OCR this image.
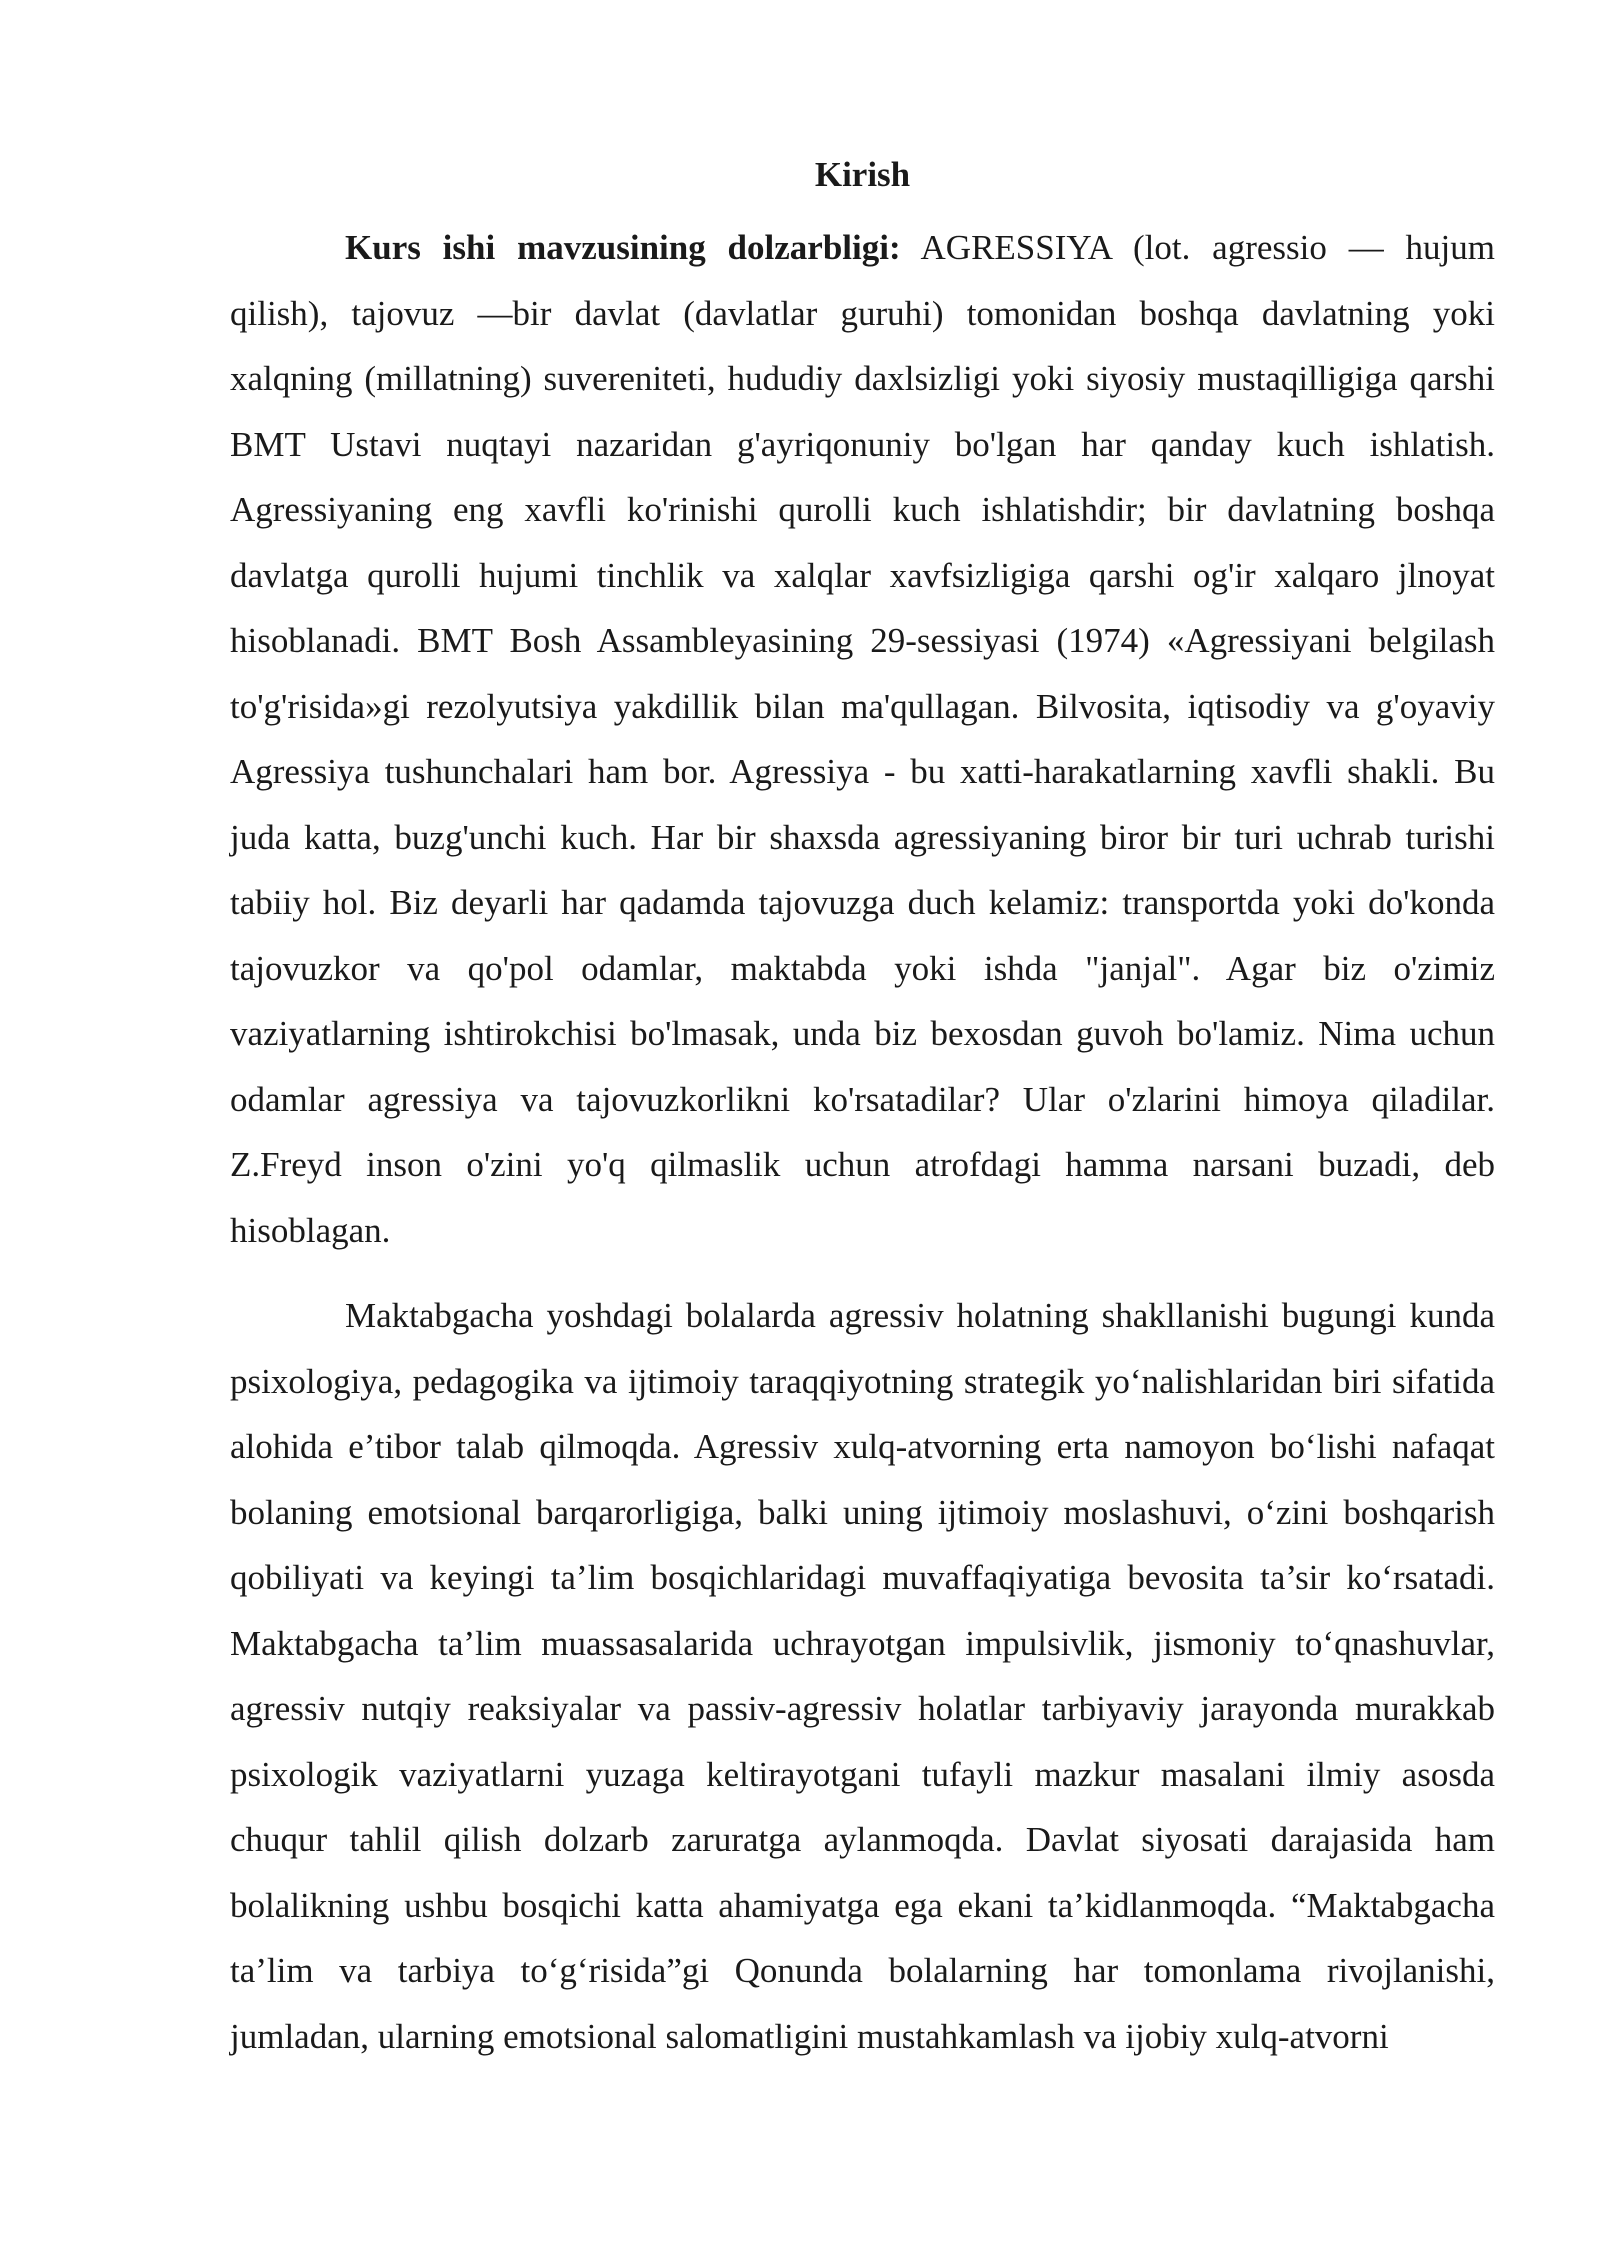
Kirish

Kurs ishi mavzusining dolzarbligi: AGRESSIYA (lot. agressio — hujum qilish), tajovuz —bir davlat (davlatlar guruhi) tomonidan boshqa davlatning yoki xalqning (millatning) suvereniteti, hududiy daxlsizligi yoki siyosiy mustaqilligiga qarshi BMT Ustavi nuqtayi nazaridan g'ayriqonuniy bo'lgan har qanday kuch ishlatish. Agressiyaning eng xavfli ko'rinishi qurolli kuch ishlatishdir; bir davlatning boshqa davlatga qurolli hujumi tinchlik va xalqlar xavfsizligiga qarshi og'ir xalqaro jlnoyat hisoblanadi. BMT Bosh Assambleyasining 29-sessiyasi (1974) «Agressiyani belgilash to'g'risida»gi rezolyutsiya yakdillik bilan ma'qullagan. Bilvosita, iqtisodiy va g'oyaviy Agressiya tushunchalari ham bor. Agressiya - bu xatti-harakatlarning xavfli shakli. Bu juda katta, buzg'unchi kuch. Har bir shaxsda agressiyaning biror bir turi uchrab turishi tabiiy hol. Biz deyarli har qadamda tajovuzga duch kelamiz: transportda yoki do'konda tajovuzkor va qo'pol odamlar, maktabda yoki ishda "janjal". Agar biz o'zimiz vaziyatlarning ishtirokchisi bo'lmasak, unda biz bexosdan guvoh bo'lamiz. Nima uchun odamlar agressiya va tajovuzkorlikni ko'rsatadilar? Ular o'zlarini himoya qiladilar. Z.Freyd inson o'zini yo'q qilmaslik uchun atrofdagi hamma narsani buzadi, deb hisoblagan.

Maktabgacha yoshdagi bolalarda agressiv holatning shakllanishi bugungi kunda psixologiya, pedagogika va ijtimoiy taraqqiyotning strategik yo‘nalishlaridan biri sifatida alohida e’tibor talab qilmoqda. Agressiv xulq-atvorning erta namoyon bo‘lishi nafaqat bolaning emotsional barqarorligiga, balki uning ijtimoiy moslashuvi, o‘zini boshqarish qobiliyati va keyingi ta’lim bosqichlaridagi muvaffaqiyatiga bevosita ta’sir ko‘rsatadi. Maktabgacha ta’lim muassasalarida uchrayotgan impulsivlik, jismoniy to‘qnashuvlar, agressiv nutqiy reaksiyalar va passiv-agressiv holatlar tarbiyaviy jarayonda murakkab psixologik vaziyatlarni yuzaga keltirayotgani tufayli mazkur masalani ilmiy asosda chuqur tahlil qilish dolzarb zaruratga aylanmoqda. Davlat siyosati darajasida ham bolalikning ushbu bosqichi katta ahamiyatga ega ekani ta’kidlanmoqda. “Maktabgacha ta’lim va tarbiya to‘g‘risida”gi Qonunda bolalarning har tomonlama rivojlanishi, jumladan, ularning emotsional salomatligini mustahkamlash va ijobiy xulq-atvorni
